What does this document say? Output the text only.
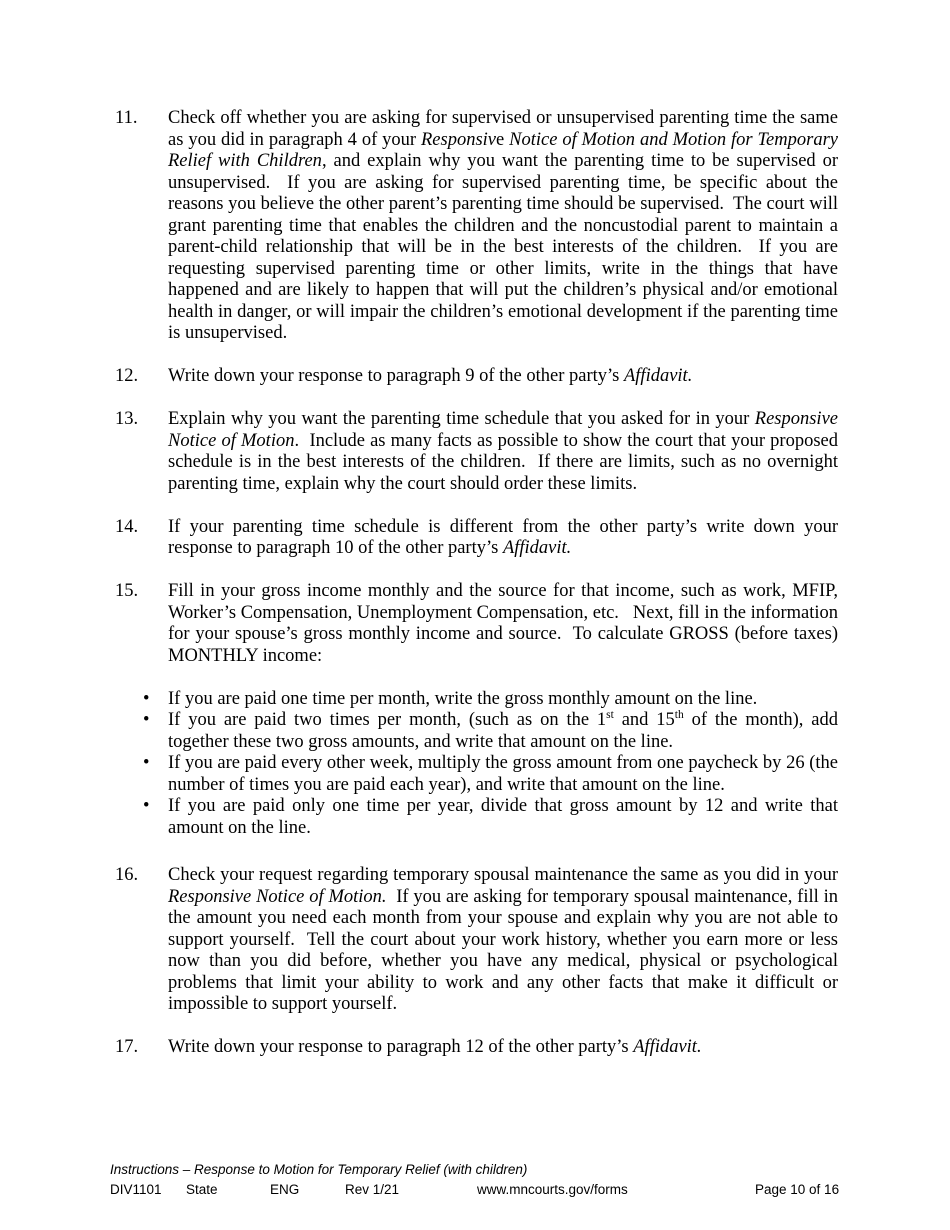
11.	Check off whether you are asking for supervised or unsupervised parenting time the same as you did in paragraph 4 of your Responsive Notice of Motion and Motion for Temporary Relief with Children, and explain why you want the parenting time to be supervised or unsupervised.  If you are asking for supervised parenting time, be specific about the reasons you believe the other parent’s parenting time should be supervised.  The court will grant parenting time that enables the children and the noncustodial parent to maintain a parent-child relationship that will be in the best interests of the children.  If you are requesting supervised parenting time or other limits, write in the things that have happened and are likely to happen that will put the children’s physical and/or emotional health in danger, or will impair the children’s emotional development if the parenting time is unsupervised.
12.	Write down your response to paragraph 9 of the other party’s Affidavit.
13.	Explain why you want the parenting time schedule that you asked for in your Responsive Notice of Motion.  Include as many facts as possible to show the court that your proposed schedule is in the best interests of the children.  If there are limits, such as no overnight parenting time, explain why the court should order these limits.
14.	If your parenting time schedule is different from the other party’s write down your response to paragraph 10 of the other party’s Affidavit.
15.	Fill in your gross income monthly and the source for that income, such as work, MFIP, Worker’s Compensation, Unemployment Compensation, etc.   Next, fill in the information for your spouse’s gross monthly income and source.  To calculate GROSS (before taxes) MONTHLY income:
•	If you are paid one time per month, write the gross monthly amount on the line.
•	If you are paid two times per month, (such as on the 1st and 15th of the month), add together these two gross amounts, and write that amount on the line.
•	If you are paid every other week, multiply the gross amount from one paycheck by 26 (the number of times you are paid each year), and write that amount on the line.
•	If you are paid only one time per year, divide that gross amount by 12 and write that amount on the line.
16.	Check your request regarding temporary spousal maintenance the same as you did in your Responsive Notice of Motion.  If you are asking for temporary spousal maintenance, fill in the amount you need each month from your spouse and explain why you are not able to support yourself.  Tell the court about your work history, whether you earn more or less now than you did before, whether you have any medical, physical or psychological problems that limit your ability to work and any other facts that make it difficult or impossible to support yourself.
17.	Write down your response to paragraph 12 of the other party’s Affidavit.
Instructions – Response to Motion for Temporary Relief (with children)
DIV1101 State	ENG	Rev 1/21	www.mncourts.gov/forms	Page 10 of 16
